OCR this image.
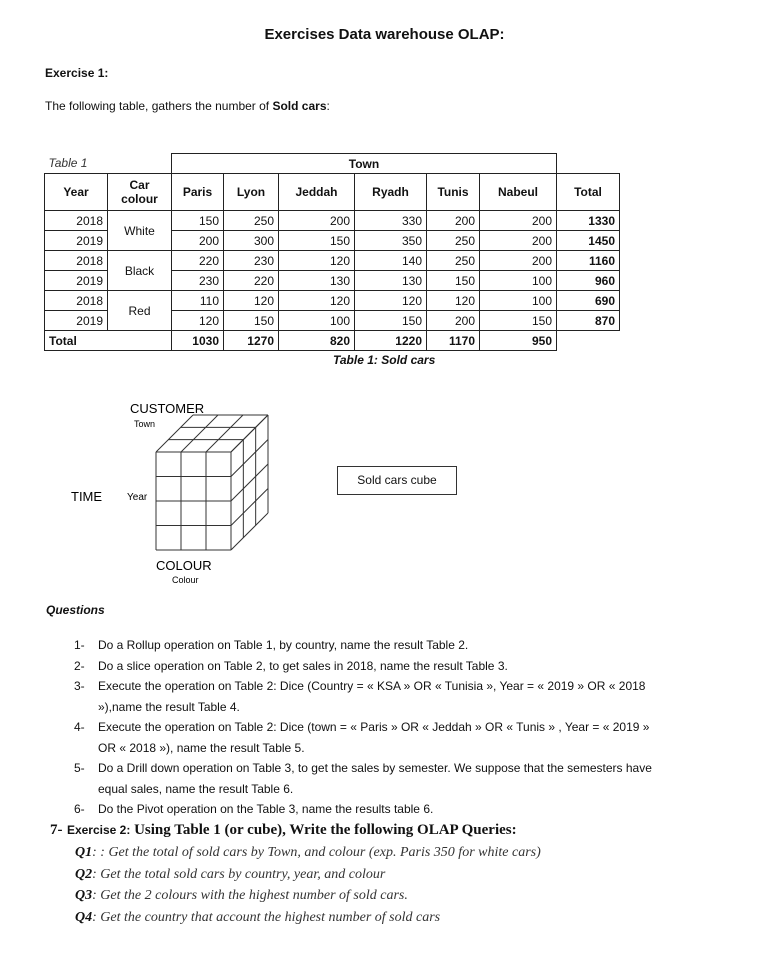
Exercises Data warehouse OLAP:
Exercise 1:
The following table, gathers the number of Sold cars:
Table 1		Town						
Year	Car colour	Paris	Lyon	Jeddah	Ryadh	Tunis	Nabeul	Total
2018	White	150	250	200	330	200	200	1330
2019		200	300	150	350	250	200	1450
2018	Black	220	230	120	140	250	200	1160
2019		230	220	130	130	150	100	960
2018	Red	110	120	120	120	120	100	690
2019		120	150	100	150	200	150	870
Total		1030	1270	820	1220	1170	950	
Table 1: Sold cars
CUSTOMER
Town
TIME Year
COLOUR
Colour
Sold cars cube
Questions
1- Do a Rollup operation on Table 1, by country, name the result Table 2.
2- Do a slice operation on Table 2, to get sales in 2018, name the result Table 3.
3- Execute the operation on Table 2: Dice (Country = « KSA » OR « Tunisia », Year = « 2019 » OR « 2018
»),name the result Table 4.
4- Execute the operation on Table 2: Dice (town = « Paris » OR « Jeddah » OR « Tunis » , Year = « 2019 »
OR « 2018 »), name the result Table 5.
5- Do a Drill down operation on Table 3, to get the sales by semester. We suppose that the semesters have
equal sales, name the result Table 6.
6- Do the Pivot operation on the Table 3, name the results table 6.
7- Exercise 2: Using Table 1 (or cube), Write the following OLAP Queries:
Q1: : Get the total of sold cars by Town, and colour (exp. Paris 350 for white cars)
Q2: Get the total sold cars by country, year, and colour
Q3: Get the 2 colours with the highest number of sold cars.
Q4: Get the country that account the highest number of sold cars
